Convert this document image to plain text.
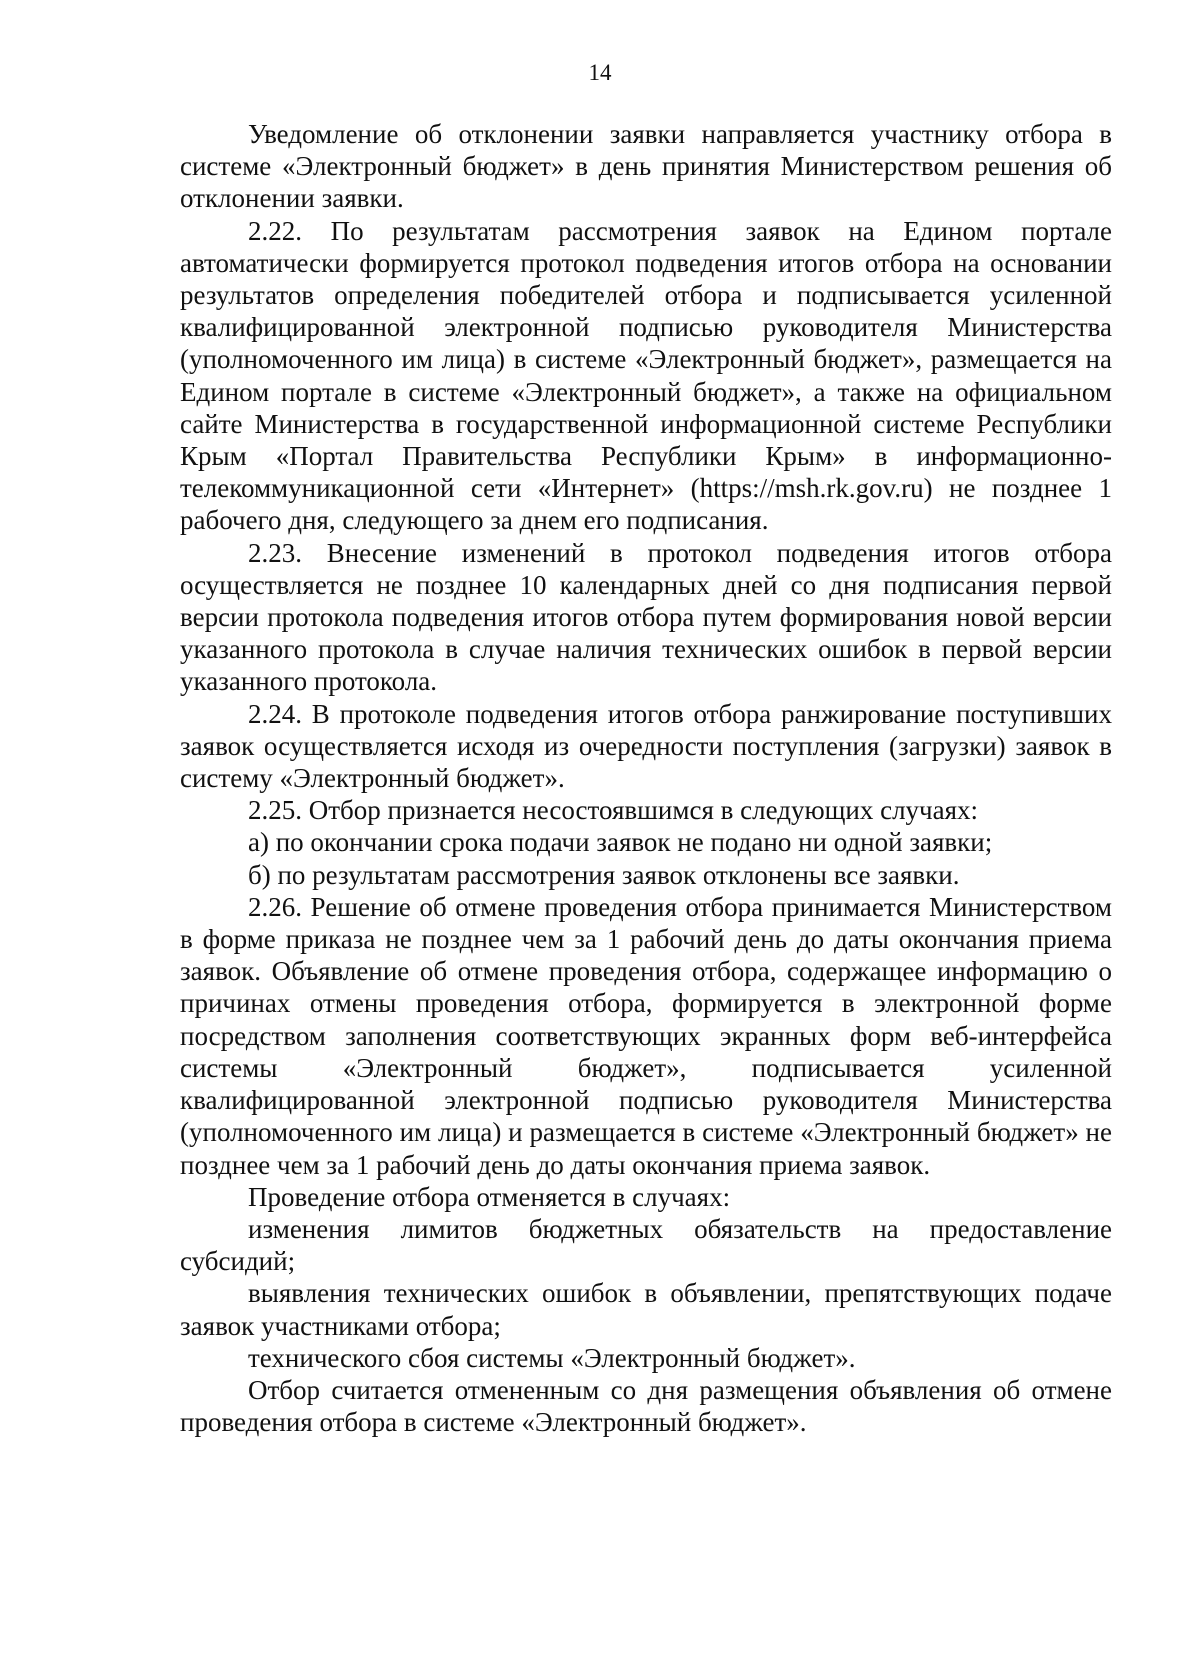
14

Уведомление об отклонении заявки направляется участнику отбора в системе «Электронный бюджет» в день принятия Министерством решения об отклонении заявки.

2.22. По результатам рассмотрения заявок на Едином портале автоматически формируется протокол подведения итогов отбора на основании результатов определения победителей отбора и подписывается усиленной квалифицированной электронной подписью руководителя Министерства (уполномоченного им лица) в системе «Электронный бюджет», размещается на Едином портале в системе «Электронный бюджет», а также на официальном сайте Министерства в государственной информационной системе Республики Крым «Портал Правительства Республики Крым» в информационно-телекоммуникационной сети «Интернет» (https://msh.rk.gov.ru) не позднее 1 рабочего дня, следующего за днем его подписания.

2.23. Внесение изменений в протокол подведения итогов отбора осуществляется не позднее 10 календарных дней со дня подписания первой версии протокола подведения итогов отбора путем формирования новой версии указанного протокола в случае наличия технических ошибок в первой версии указанного протокола.

2.24. В протоколе подведения итогов отбора ранжирование поступивших заявок осуществляется исходя из очередности поступления (загрузки) заявок в систему «Электронный бюджет».

2.25. Отбор признается несостоявшимся в следующих случаях:

а) по окончании срока подачи заявок не подано ни одной заявки;

б) по результатам рассмотрения заявок отклонены все заявки.

2.26. Решение об отмене проведения отбора принимается Министерством в форме приказа не позднее чем за 1 рабочий день до даты окончания приема заявок. Объявление об отмене проведения отбора, содержащее информацию о причинах отмены проведения отбора, формируется в электронной форме посредством заполнения соответствующих экранных форм веб-интерфейса системы «Электронный бюджет», подписывается усиленной квалифицированной электронной подписью руководителя Министерства (уполномоченного им лица) и размещается в системе «Электронный бюджет» не позднее чем за 1 рабочий день до даты окончания приема заявок.

Проведение отбора отменяется в случаях:

изменения лимитов бюджетных обязательств на предоставление субсидий;

выявления технических ошибок в объявлении, препятствующих подаче заявок участниками отбора;

технического сбоя системы «Электронный бюджет».

Отбор считается отмененным со дня размещения объявления об отмене проведения отбора в системе «Электронный бюджет».
